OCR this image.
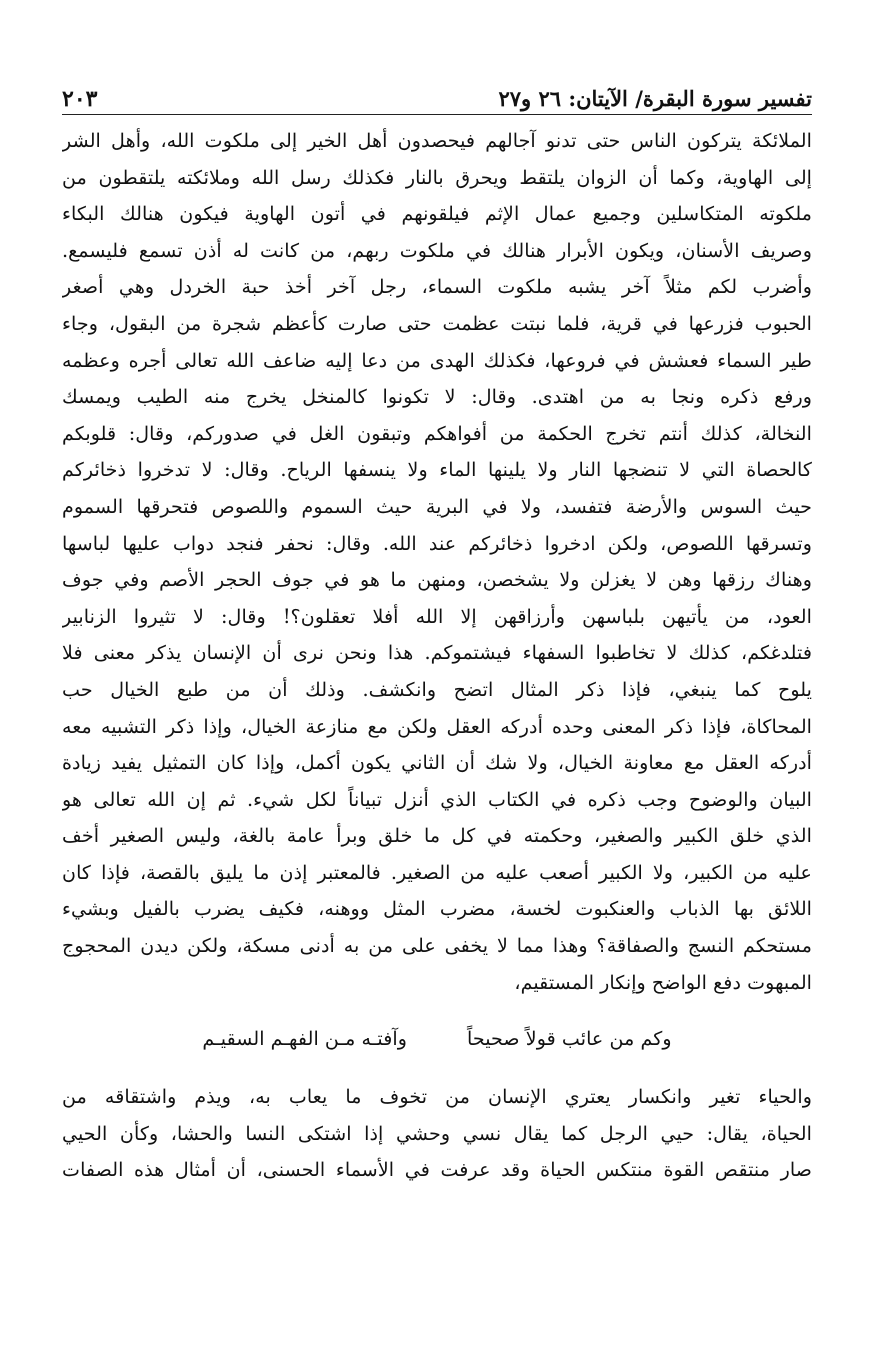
تفسير سورة البقرة/ الآيتان: ٢٦ و٢٧
٢٠٣
الملائكة يتركون الناس حتى تدنو آجالهم فيحصدون أهل الخير إلى ملكوت الله، وأهل الشر
إلى الهاوية، وكما أن الزوان يلتقط ويحرق بالنار فكذلك رسل الله وملائكته يلتقطون من
ملكوته المتكاسلين وجميع عمال الإثم فيلقونهم في أتون الهاوية فيكون هنالك البكاء
وصريف الأسنان، ويكون الأبرار هنالك في ملكوت ربهم، من كانت له أذن تسمع فليسمع.
وأضرب لكم مثلاً آخر يشبه ملكوت السماء، رجل آخر أخذ حبة الخردل وهي أصغر
الحبوب فزرعها في قرية، فلما نبتت عظمت حتى صارت كأعظم شجرة من البقول، وجاء
طير السماء فعشش في فروعها، فكذلك الهدى من دعا إليه ضاعف الله تعالى أجره وعظمه
ورفع ذكره ونجا به من اهتدى. وقال: لا تكونوا كالمنخل يخرج منه الطيب ويمسك
النخالة، كذلك أنتم تخرج الحكمة من أفواهكم وتبقون الغل في صدوركم، وقال: قلوبكم
كالحصاة التي لا تنضجها النار ولا يلينها الماء ولا ينسفها الرياح. وقال: لا تدخروا ذخائركم
حيث السوس والأرضة فتفسد، ولا في البرية حيث السموم واللصوص فتحرقها السموم
وتسرقها اللصوص، ولكن ادخروا ذخائركم عند الله. وقال: نحفر فنجد دواب عليها لباسها
وهناك رزقها وهن لا يغزلن ولا يشخصن، ومنهن ما هو في جوف الحجر الأصم وفي جوف
العود، من يأتيهن بلباسهن وأرزاقهن إلا الله أفلا تعقلون؟! وقال: لا تثيروا الزنابير
فتلدغكم، كذلك لا تخاطبوا السفهاء فيشتموكم. هذا ونحن نرى أن الإنسان يذكر معنى فلا
يلوح كما ينبغي، فإذا ذكر المثال اتضح وانكشف. وذلك أن من طبع الخيال حب
المحاكاة، فإذا ذكر المعنى وحده أدركه العقل ولكن مع منازعة الخيال، وإذا ذكر التشبيه معه
أدركه العقل مع معاونة الخيال، ولا شك أن الثاني يكون أكمل، وإذا كان التمثيل يفيد زيادة
البيان والوضوح وجب ذكره في الكتاب الذي أنزل تبياناً لكل شيء. ثم إن الله تعالى هو
الذي خلق الكبير والصغير، وحكمته في كل ما خلق وبرأ عامة بالغة، وليس الصغير أخف
عليه من الكبير، ولا الكبير أصعب عليه من الصغير. فالمعتبر إذن ما يليق بالقصة، فإذا كان
اللائق بها الذباب والعنكبوت لخسة، مضرب المثل ووهنه، فكيف يضرب بالفيل وبشيء
مستحكم النسج والصفاقة؟ وهذا مما لا يخفى على من به أدنى مسكة، ولكن ديدن المحجوج
المبهوت دفع الواضح وإنكار المستقيم،
وكم من عائب قولاً صحيحاً
وآفتـه مـن الفهـم السقيـم
والحياء تغير وانكسار يعتري الإنسان من تخوف ما يعاب به، ويذم واشتقاقه من
الحياة، يقال: حيي الرجل كما يقال نسي وحشي إذا اشتكى النسا والحشا، وكأن الحيي
صار منتقص القوة منتكس الحياة وقد عرفت في الأسماء الحسنى، أن أمثال هذه الصفات
